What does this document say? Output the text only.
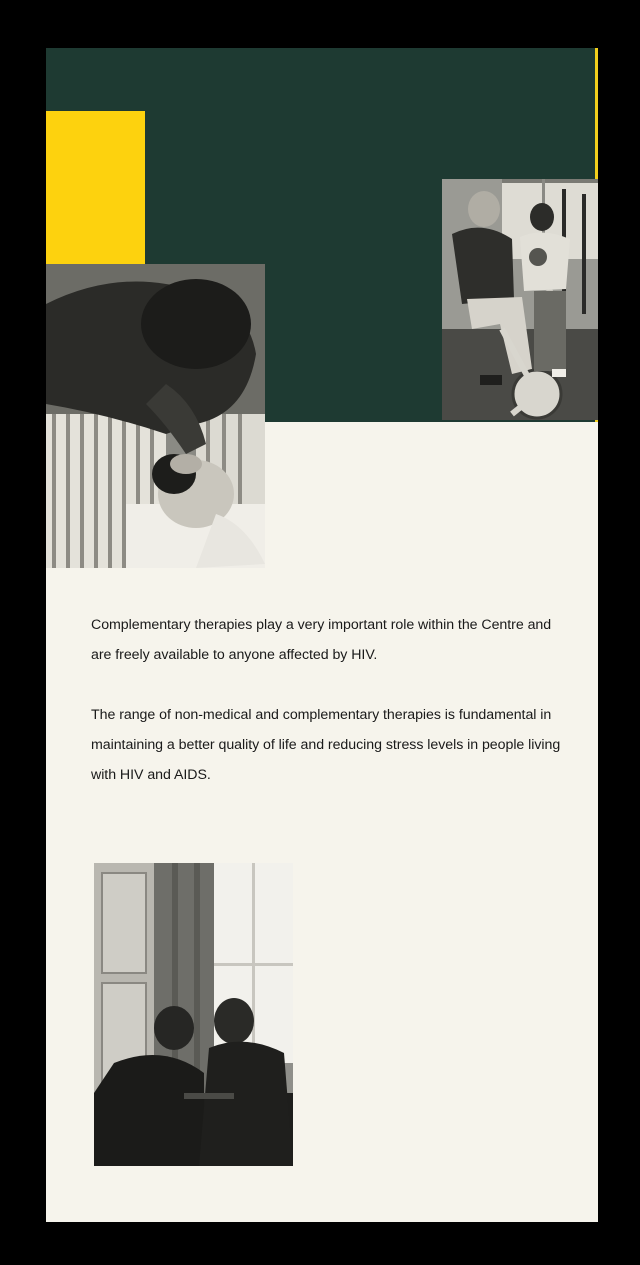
Complementary therapies play a very important role within the Centre and are freely available to anyone affected by HIV.

The range of non-medical and complementary therapies is fundamental in maintaining a better quality of life and reducing stress levels in people living with HIV and AIDS.
